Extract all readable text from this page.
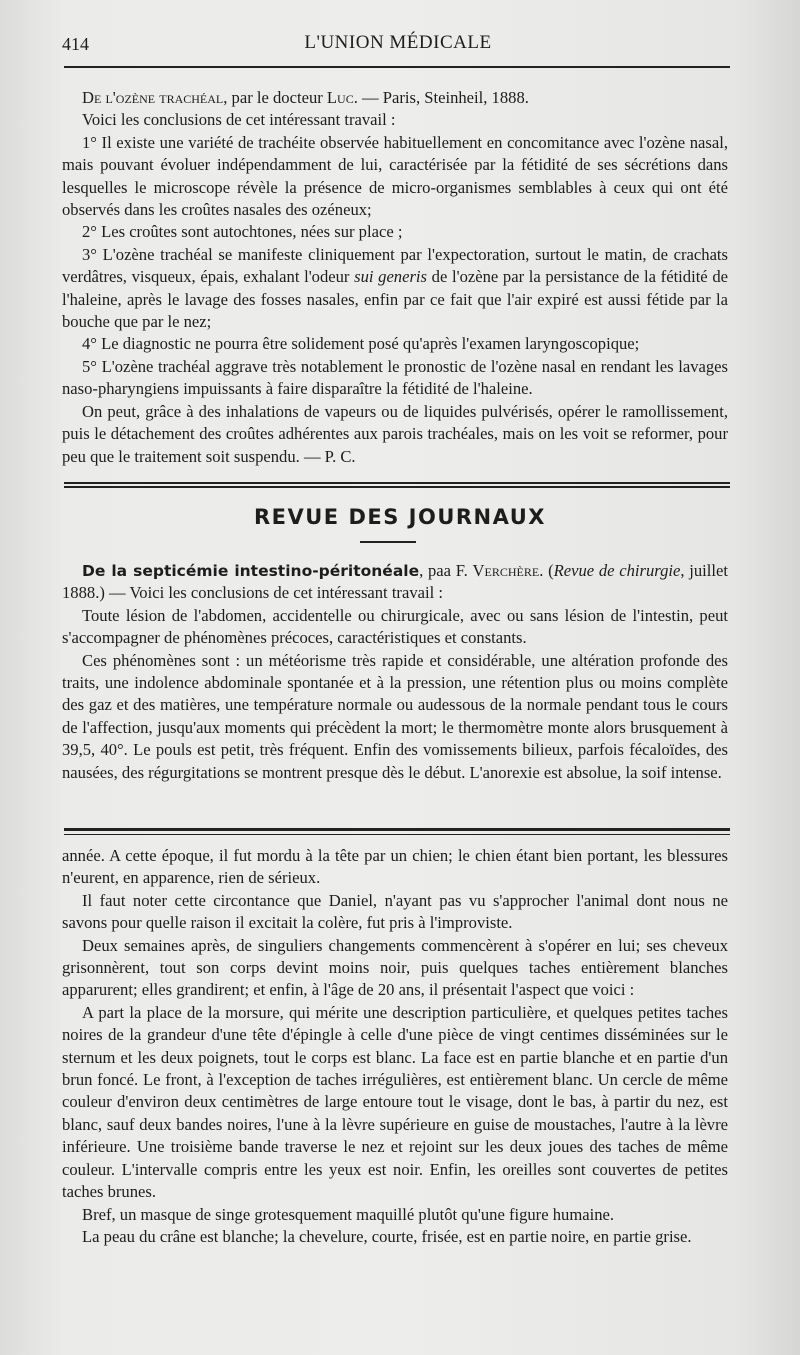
414	L'UNION MÉDICALE

De l'ozène trachéal, par le docteur Luc. — Paris, Steinheil, 1888.

Voici les conclusions de cet intéressant travail :

1° Il existe une variété de trachéite observée habituellement en concomitance avec l'ozène nasal, mais pouvant évoluer indépendamment de lui, caractérisée par la fétidité de ses sécrétions dans lesquelles le microscope révèle la présence de micro-organismes semblables à ceux qui ont été observés dans les croûtes nasales des ozéneux;

2° Les croûtes sont autochtones, nées sur place ;

3° L'ozène trachéal se manifeste cliniquement par l'expectoration, surtout le matin, de crachats verdâtres, visqueux, épais, exhalant l'odeur sui generis de l'ozène par la persistance de la fétidité de l'haleine, après le lavage des fosses nasales, enfin par ce fait que l'air expiré est aussi fétide par la bouche que par le nez;

4° Le diagnostic ne pourra être solidement posé qu'après l'examen laryngoscopique;

5° L'ozène trachéal aggrave très notablement le pronostic de l'ozène nasal en rendant les lavages naso-pharyngiens impuissants à faire disparaître la fétidité de l'haleine.

On peut, grâce à des inhalations de vapeurs ou de liquides pulvérisés, opérer le ramollissement, puis le détachement des croûtes adhérentes aux parois trachéales, mais on les voit se reformer, pour peu que le traitement soit suspendu. — P. C.

REVUE DES JOURNAUX

De la septicémie intestino-péritonéale, paa F. Verchère. (Revue de chirurgie, juillet 1888.) — Voici les conclusions de cet intéressant travail :

Toute lésion de l'abdomen, accidentelle ou chirurgicale, avec ou sans lésion de l'intestin, peut s'accompagner de phénomènes précoces, caractéristiques et constants.

Ces phénomènes sont : un météorisme très rapide et considérable, une altération profonde des traits, une indolence abdominale spontanée et à la pression, une rétention plus ou moins complète des gaz et des matières, une température normale ou audessous de la normale pendant tous le cours de l'affection, jusqu'aux moments qui précèdent la mort; le thermomètre monte alors brusquement à 39,5, 40°. Le pouls est petit, très fréquent. Enfin des vomissements bilieux, parfois fécaloïdes, des nausées, des régurgitations se montrent presque dès le début. L'anorexie est absolue, la soif intense.

année. A cette époque, il fut mordu à la tête par un chien; le chien étant bien portant, les blessures n'eurent, en apparence, rien de sérieux.

Il faut noter cette circontance que Daniel, n'ayant pas vu s'approcher l'animal dont nous ne savons pour quelle raison il excitait la colère, fut pris à l'improviste.

Deux semaines après, de singuliers changements commencèrent à s'opérer en lui; ses cheveux grisonnèrent, tout son corps devint moins noir, puis quelques taches entièrement blanches apparurent; elles grandirent; et enfin, à l'âge de 20 ans, il présentait l'aspect que voici :

A part la place de la morsure, qui mérite une description particulière, et quelques petites taches noires de la grandeur d'une tête d'épingle à celle d'une pièce de vingt centimes disséminées sur le sternum et les deux poignets, tout le corps est blanc. La face est en partie blanche et en partie d'un brun foncé. Le front, à l'exception de taches irrégulières, est entièrement blanc. Un cercle de même couleur d'environ deux centimètres de large entoure tout le visage, dont le bas, à partir du nez, est blanc, sauf deux bandes noires, l'une à la lèvre supérieure en guise de moustaches, l'autre à la lèvre inférieure. Une troisième bande traverse le nez et rejoint sur les deux joues des taches de même couleur. L'intervalle compris entre les yeux est noir. Enfin, les oreilles sont couvertes de petites taches brunes.

Bref, un masque de singe grotesquement maquillé plutôt qu'une figure humaine.

La peau du crâne est blanche; la chevelure, courte, frisée, est en partie noire, en partie grise.
